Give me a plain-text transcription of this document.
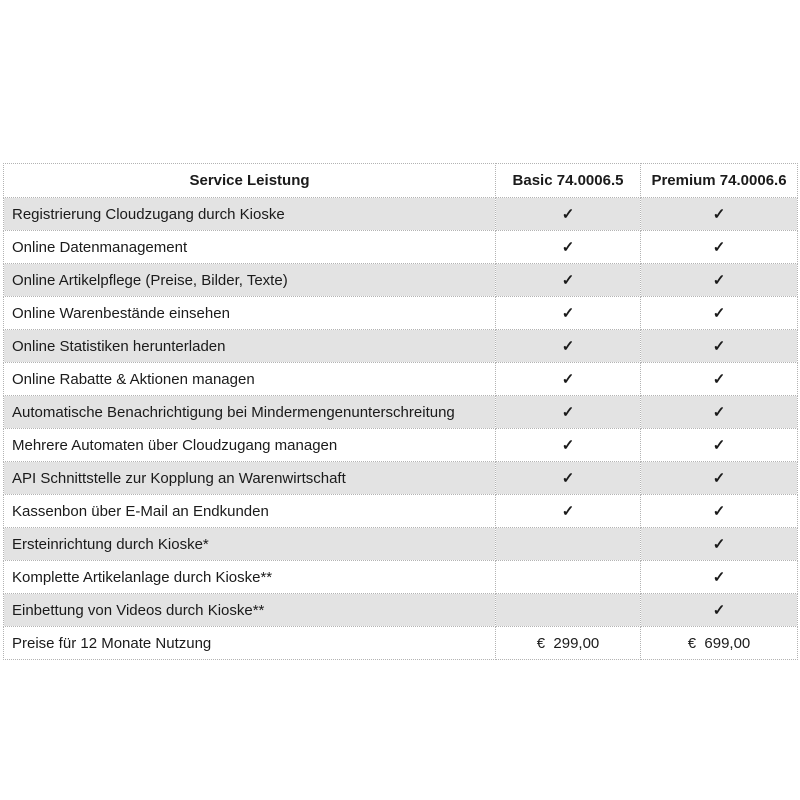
Service Leistung	Basic 74.0006.5	Premium 74.0006.6
Registrierung Cloudzugang durch Kioske	✓	✓
Online Datenmanagement	✓	✓
Online Artikelpflege (Preise, Bilder, Texte)	✓	✓
Online Warenbestände einsehen	✓	✓
Online Statistiken herunterladen	✓	✓
Online Rabatte & Aktionen managen	✓	✓
Automatische Benachrichtigung bei Mindermengenunterschreitung	✓	✓
Mehrere Automaten über Cloudzugang managen	✓	✓
API Schnittstelle zur Kopplung an Warenwirtschaft	✓	✓
Kassenbon über E-Mail an Endkunden	✓	✓
Ersteinrichtung durch Kioske*		✓
Komplette Artikelanlage durch Kioske**		✓
Einbettung von Videos durch Kioske**		✓
Preise für 12 Monate Nutzung	€  299,00	€  699,00
